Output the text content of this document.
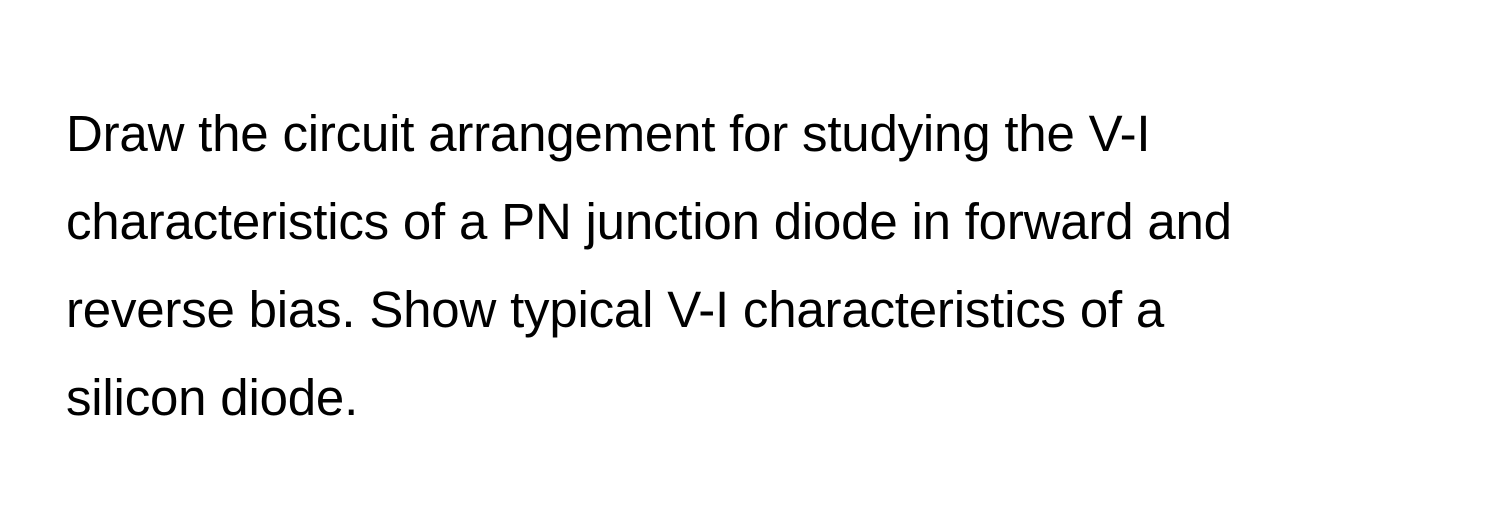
Draw the circuit arrangement for studying the V-I
characteristics of a PN junction diode in forward and
reverse bias. Show typical V-I characteristics of a
silicon diode.
